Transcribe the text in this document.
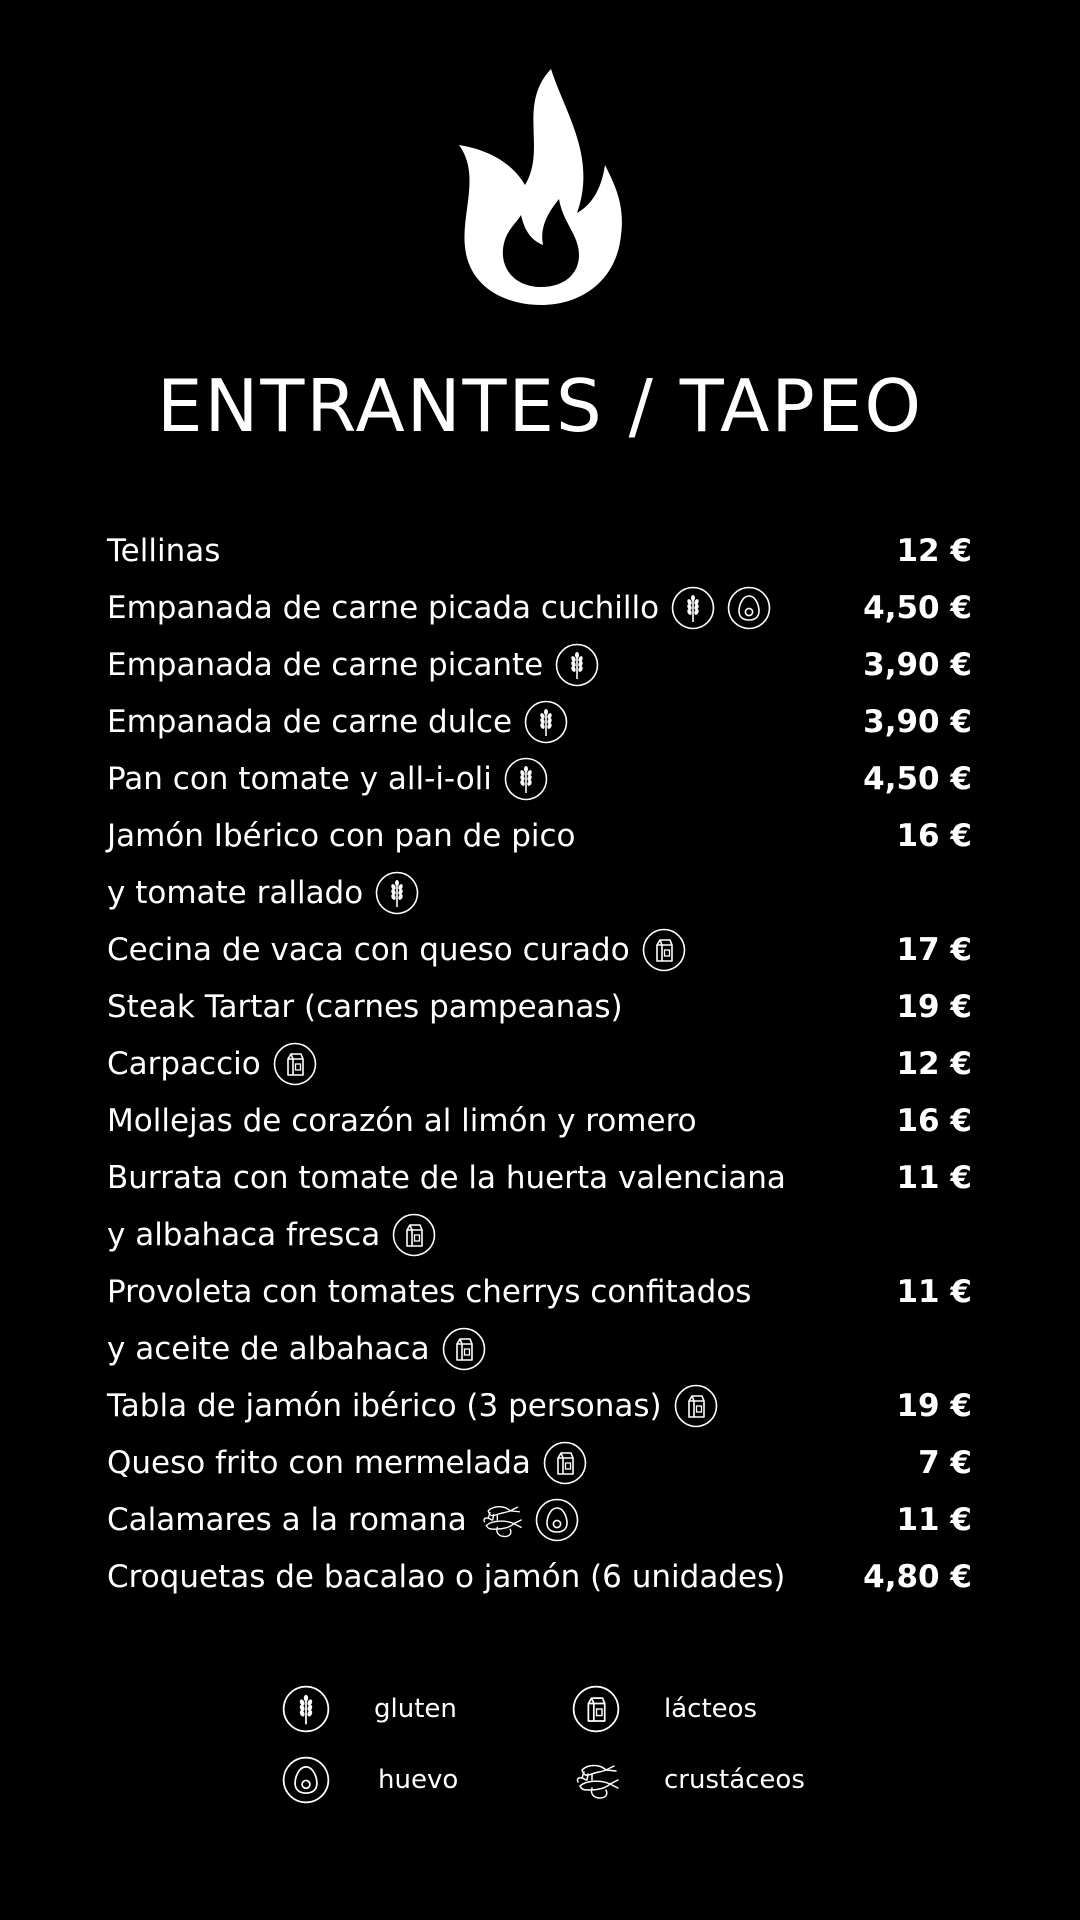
ENTRANTES / TAPEO
Tellinas	12 €
Empanada de carne picada cuchillo	4,50 €
Empanada de carne picante	3,90 €
Empanada de carne dulce	3,90 €
Pan con tomate y all-i-oli	4,50 €
Jamón Ibérico con pan de pico	16 €
y tomate rallado
Cecina de vaca con queso curado	17 €
Steak Tartar (carnes pampeanas)	19 €
Carpaccio	12 €
Mollejas de corazón al limón y romero	16 €
Burrata con tomate de la huerta valenciana	11 €
y albahaca fresca
Provoleta con tomates cherrys confitados	11 €
y aceite de albahaca
Tabla de jamón ibérico (3 personas)	19 €
Queso frito con mermelada	7 €
Calamares a la romana	11 €
Croquetas de bacalao o jamón (6 unidades)	4,80 €
gluten	lácteos
huevo	crustáceos
